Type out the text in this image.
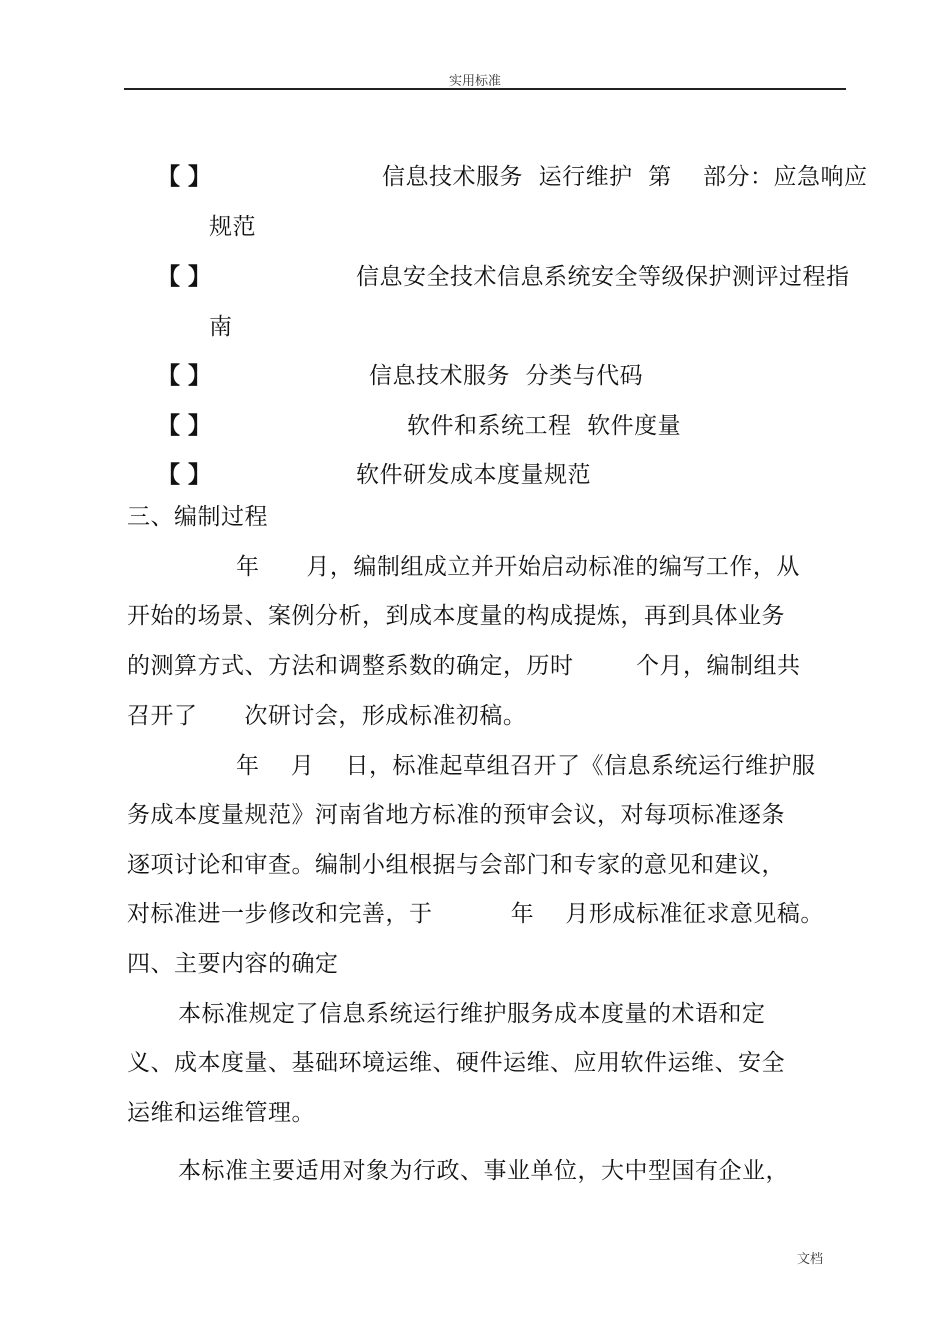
实用标准
【 】	信息技术服务  运行维护  第    部分：应急响应
规范
【 】	信息安全技术信息系统安全等级保护测评过程指
南
【 】	信息技术服务  分类与代码
【 】	软件和系统工程  软件度量
【 】	软件研发成本度量规范
三、编制过程
年      月，编制组成立并开始启动标准的编写工作，从
开始的场景、案例分析，到成本度量的构成提炼，再到具体业务
的测算方式、方法和调整系数的确定，历时        个月，编制组共
召开了      次研讨会，形成标准初稿。
年    月    日，标准起草组召开了《信息系统运行维护服
务成本度量规范》河南省地方标准的预审会议，对每项标准逐条
逐项讨论和审查。编制小组根据与会部门和专家的意见和建议，
对标准进一步修改和完善，于          年    月形成标准征求意见稿。
四、主要内容的确定
本标准规定了信息系统运行维护服务成本度量的术语和定
义、成本度量、基础环境运维、硬件运维、应用软件运维、安全
运维和运维管理。
本标准主要适用对象为行政、事业单位，大中型国有企业，
文档
